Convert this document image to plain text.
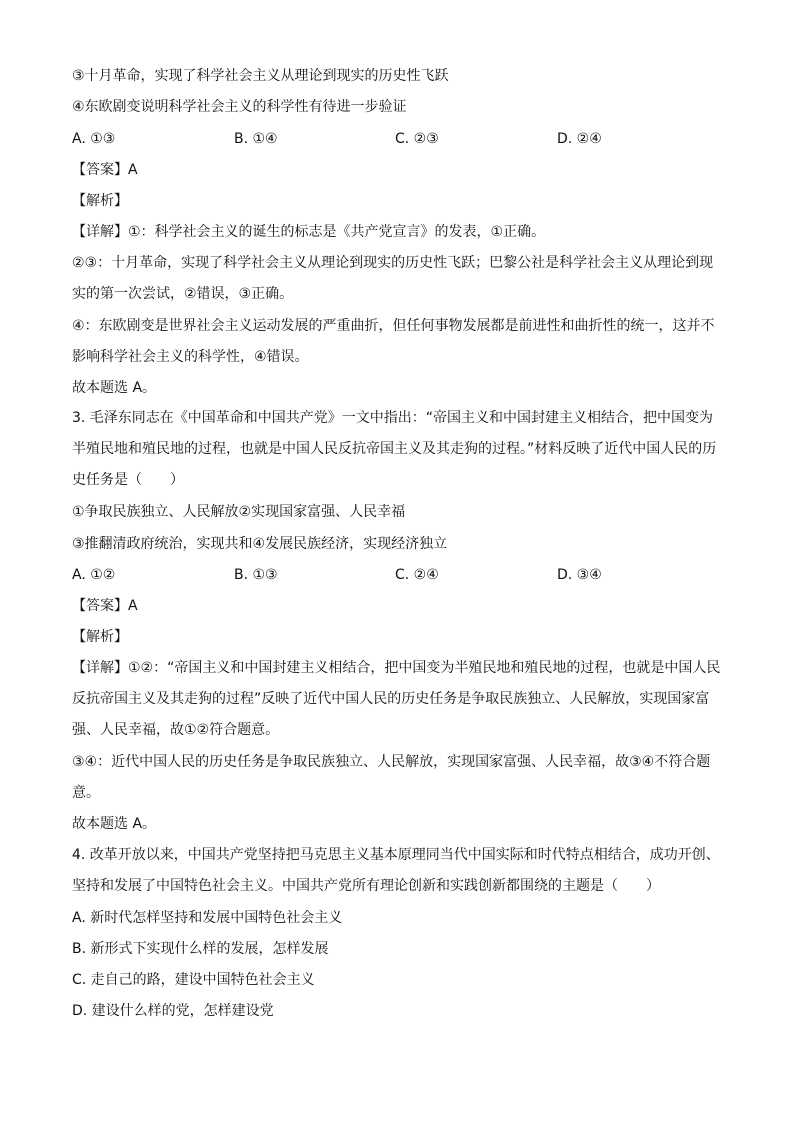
③十月革命，实现了科学社会主义从理论到现实的历史性飞跃
④东欧剧变说明科学社会主义的科学性有待进一步验证
A. ①③	B. ①④	C. ②③	D. ②④
【答案】A
【解析】
【详解】①：科学社会主义的诞生的标志是《共产党宣言》的发表，①正确。
②③：十月革命，实现了科学社会主义从理论到现实的历史性飞跃；巴黎公社是科学社会主义从理论到现实的第一次尝试，②错误，③正确。
④：东欧剧变是世界社会主义运动发展的严重曲折，但任何事物发展都是前进性和曲折性的统一，这并不影响科学社会主义的科学性，④错误。
故本题选 A。
3. 毛泽东同志在《中国革命和中国共产党》一文中指出：“帝国主义和中国封建主义相结合，把中国变为半殖民地和殖民地的过程，也就是中国人民反抗帝国主义及其走狗的过程。”材料反映了近代中国人民的历史任务是（　　）
①争取民族独立、人民解放②实现国家富强、人民幸福
③推翻清政府统治，实现共和④发展民族经济，实现经济独立
A. ①②	B. ①③	C. ②④	D. ③④
【答案】A
【解析】
【详解】①②：“帝国主义和中国封建主义相结合，把中国变为半殖民地和殖民地的过程，也就是中国人民反抗帝国主义及其走狗的过程”反映了近代中国人民的历史任务是争取民族独立、人民解放，实现国家富强、人民幸福，故①②符合题意。
③④：近代中国人民的历史任务是争取民族独立、人民解放，实现国家富强、人民幸福，故③④不符合题意。
故本题选 A。
4. 改革开放以来，中国共产党坚持把马克思主义基本原理同当代中国实际和时代特点相结合，成功开创、坚持和发展了中国特色社会主义。中国共产党所有理论创新和实践创新都围绕的主题是（　　）
A. 新时代怎样坚持和发展中国特色社会主义
B. 新形式下实现什么样的发展，怎样发展
C. 走自己的路，建设中国特色社会主义
D. 建设什么样的党，怎样建设党
